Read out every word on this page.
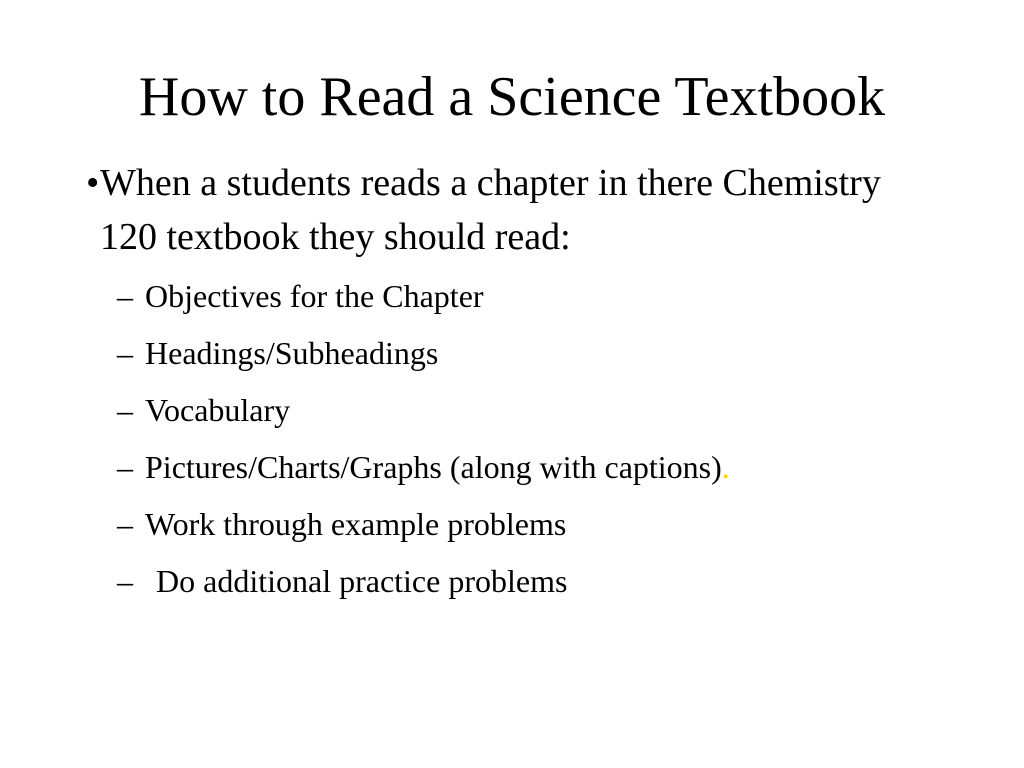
How to Read a Science Textbook
• When a students reads a chapter in there Chemistry 120 textbook they should read:
– Objectives for the Chapter
– Headings/Subheadings
– Vocabulary
– Pictures/Charts/Graphs (along with captions).
– Work through example problems
– Do additional practice problems
